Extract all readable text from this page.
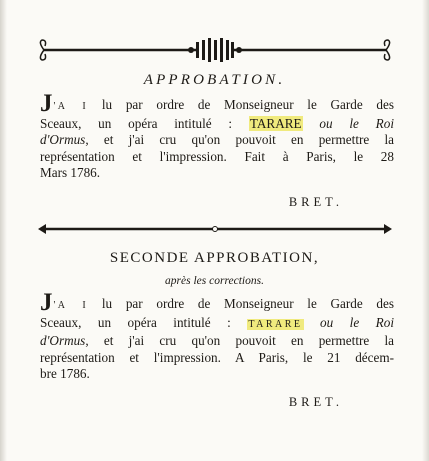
APPROBATION.
J'A I lu par ordre de Monseigneur le Garde des
Sceaux, un opéra intitulé : TARARE ou le Roi
d'Ormus, et j'ai cru qu'on pouvoit en permettre la
représentation et l'impression. Fait à Paris, le 28
Mars 1786.
BRET.
SECONDE APPROBATION,
après les corrections.
J'A I lu par ordre de Monseigneur le Garde des
Sceaux, un opéra intitulé : TARARE ou le Roi
d'Ormus, et j'ai cru qu'on pouvoit en permettre la
représentation et l'impression. A Paris, le 21 décem-
bre 1786.
BRET.
